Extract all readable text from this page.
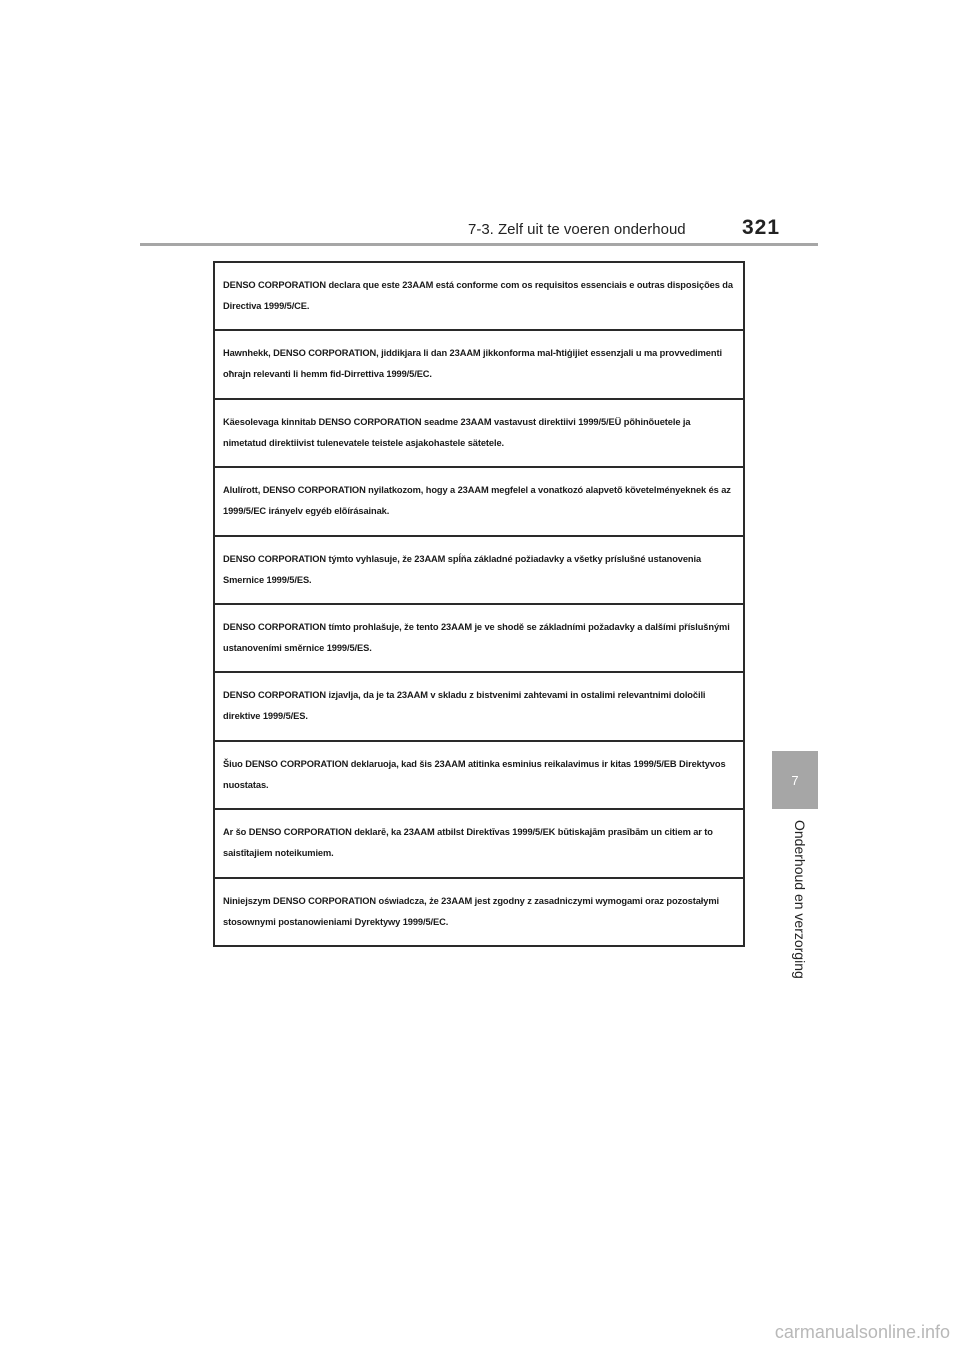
7-3. Zelf uit te voeren onderhoud	321
7
Onderhoud en verzorging
DENSO CORPORATION declara que este 23AAM está conforme com os requisitos essenciais e outras disposições da Directiva 1999/5/CE.
Hawnhekk, DENSO CORPORATION, jiddikjara li dan 23AAM jikkonforma mal-ħtiġijiet essenzjali u ma provvedimenti oħrajn relevanti li hemm fid-Dirrettiva 1999/5/EC.
Käesolevaga kinnitab DENSO CORPORATION seadme 23AAM vastavust direktiivi 1999/5/EÜ põhinõuetele ja nimetatud direktiivist tulenevatele teistele asjakohastele sätetele.
Alulírott, DENSO CORPORATION nyilatkozom, hogy a 23AAM megfelel a vonatkozó alapvetõ követelményeknek és az 1999/5/EC irányelv egyéb elõírásainak.
DENSO CORPORATION týmto vyhlasuje, že 23AAM spĺňa základné požiadavky a všetky príslušné ustanovenia Smernice 1999/5/ES.
DENSO CORPORATION tímto prohlašuje, že tento 23AAM je ve shodě se základními požadavky a dalšími příslušnými ustanoveními směrnice 1999/5/ES.
DENSO CORPORATION izjavlja, da je ta 23AAM v skladu z bistvenimi zahtevami in ostalimi relevantnimi določili direktive 1999/5/ES.
Šiuo DENSO CORPORATION deklaruoja, kad šis 23AAM atitinka esminius reikalavimus ir kitas 1999/5/EB Direktyvos nuostatas.
Ar šo DENSO CORPORATION deklarē, ka 23AAM atbilst Direktīvas 1999/5/EK būtiskajām prasībām un citiem ar to saistītajiem noteikumiem.
Niniejszym DENSO CORPORATION oświadcza, że 23AAM jest zgodny z zasadniczymi wymogami oraz pozostałymi stosownymi postanowieniami Dyrektywy 1999/5/EC.
carmanualsonline.info
